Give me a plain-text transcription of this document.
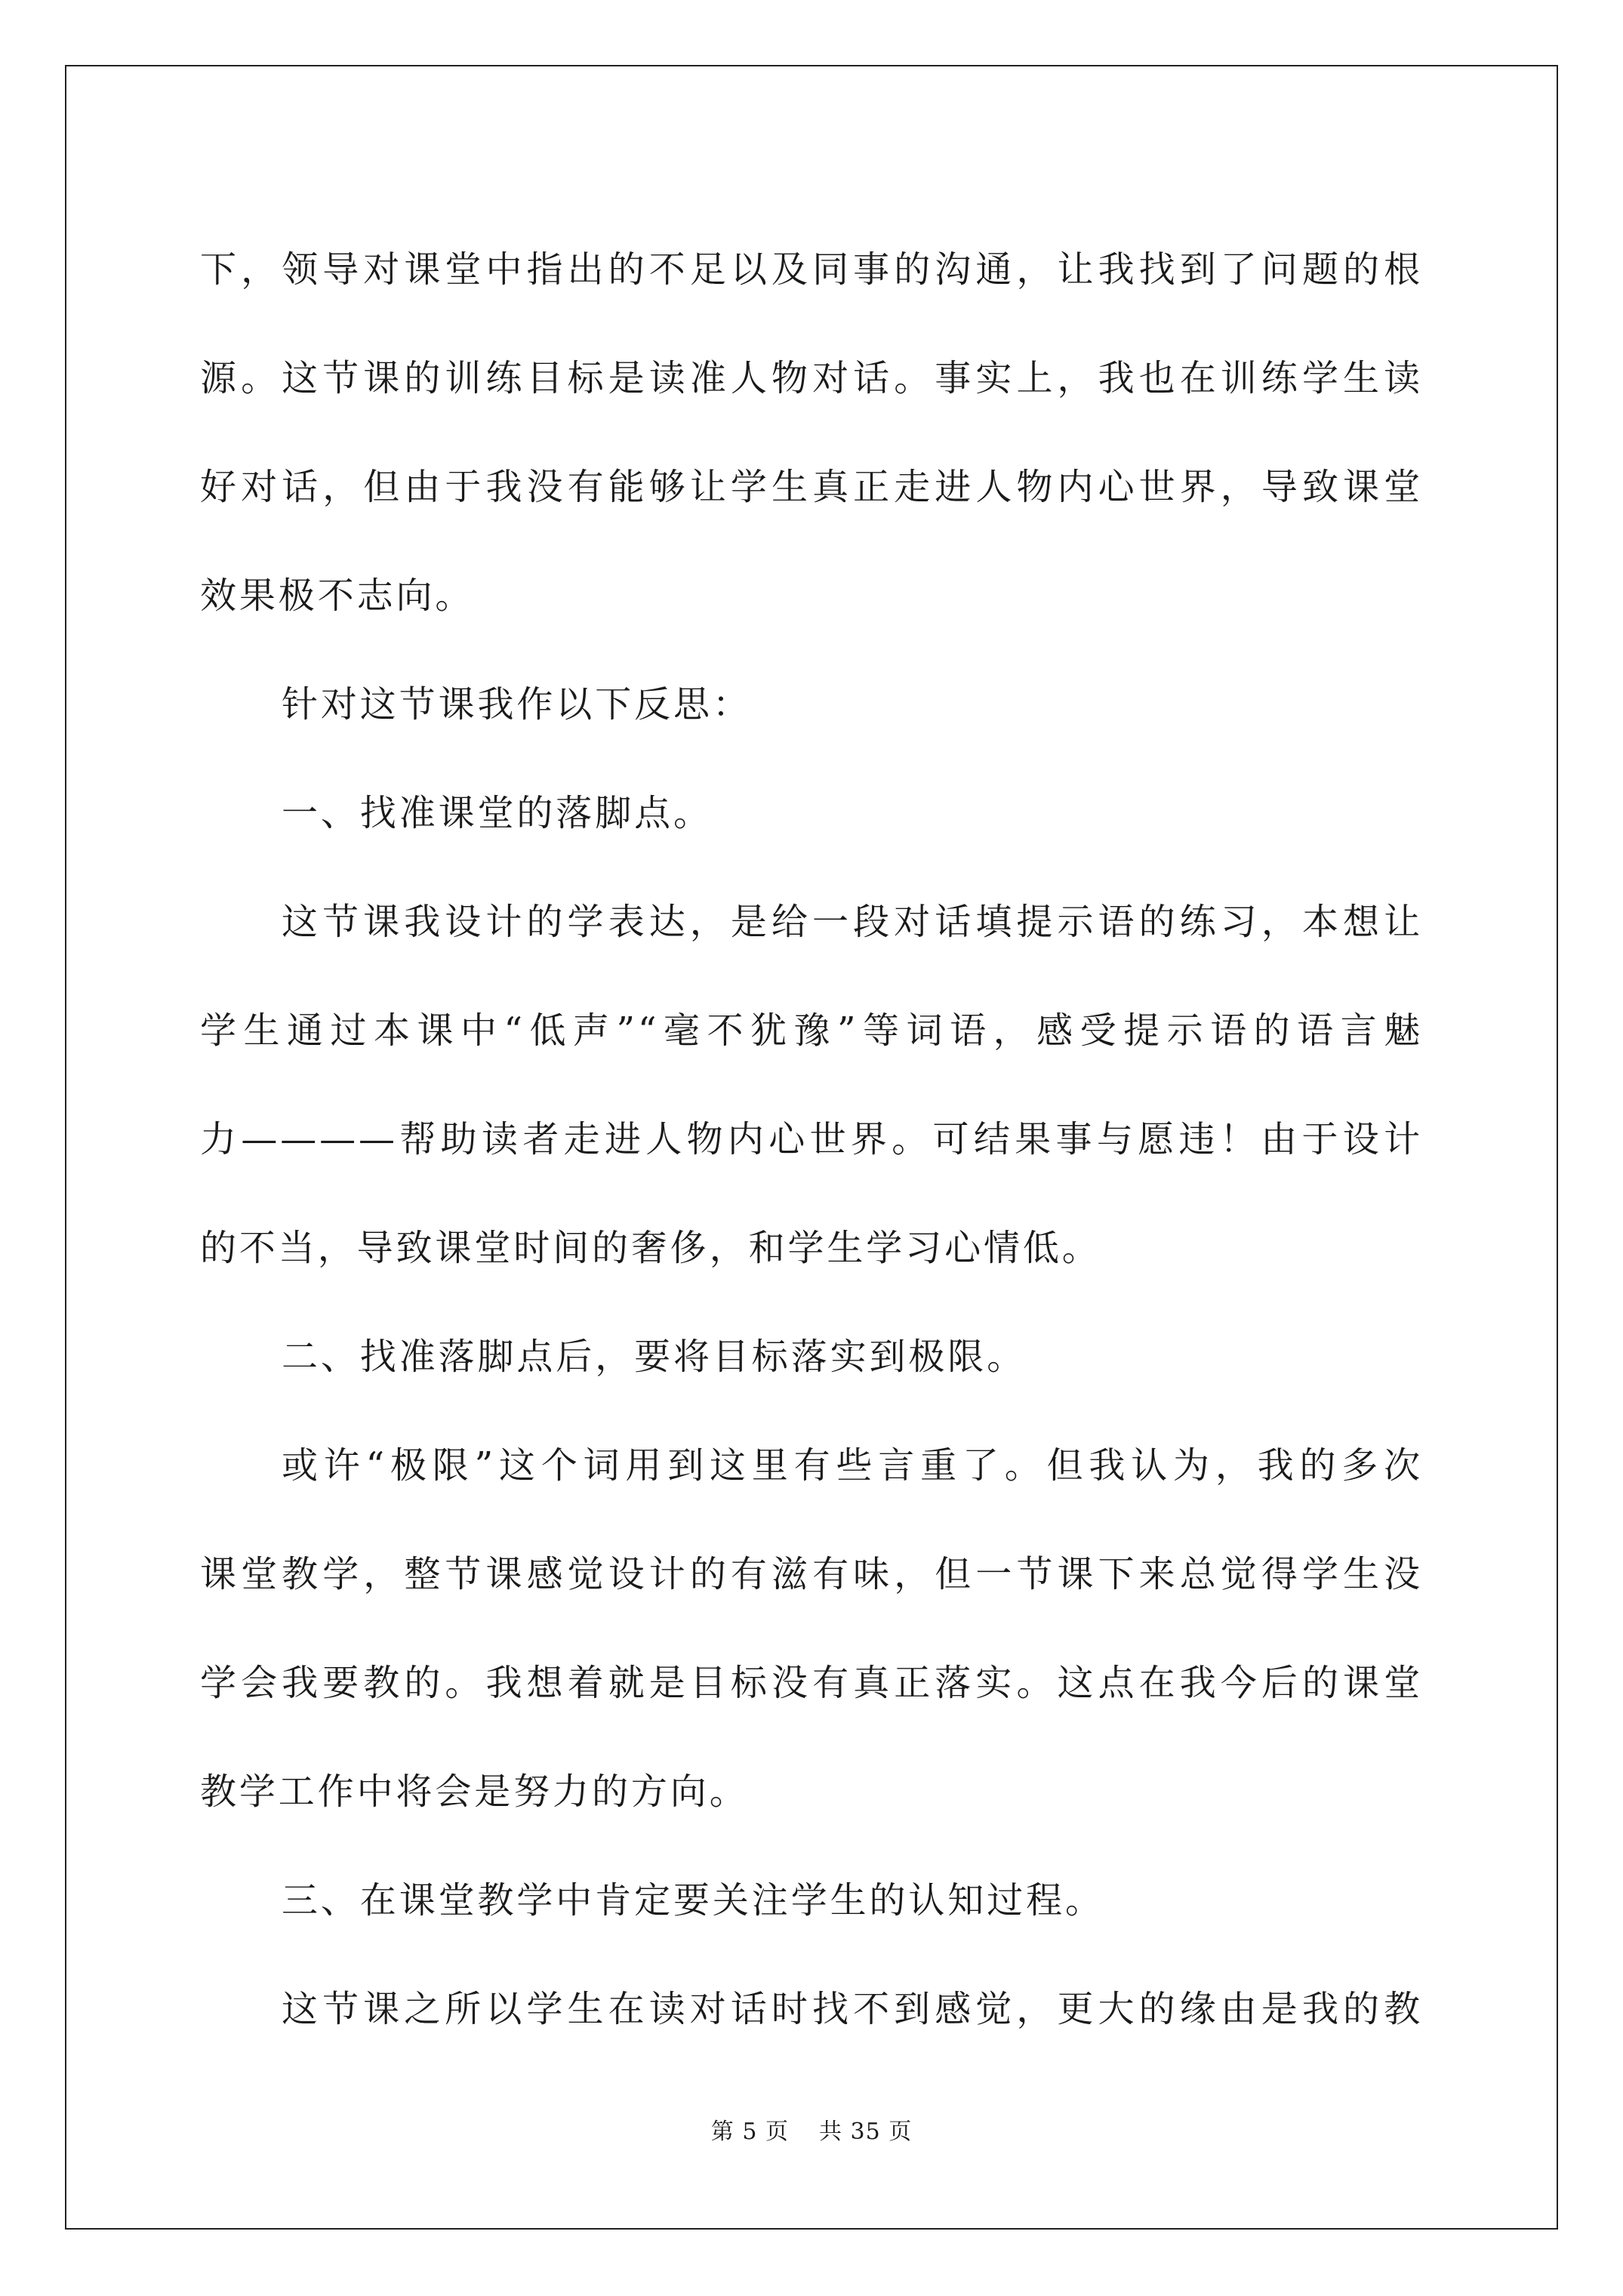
下，领导对课堂中指出的不足以及同事的沟通，让我找到了问题的根

源。这节课的训练目标是读准人物对话。事实上，我也在训练学生读

好对话，但由于我没有能够让学生真正走进人物内心世界，导致课堂

效果极不志向。

针对这节课我作以下反思：

一、找准课堂的落脚点。

这节课我设计的学表达，是给一段对话填提示语的练习，本想让

学生通过本课中“低声”“毫不犹豫”等词语，感受提示语的语言魅

力————帮助读者走进人物内心世界。可结果事与愿违！由于设计

的不当，导致课堂时间的奢侈，和学生学习心情低。

二、找准落脚点后，要将目标落实到极限。

或许“极限”这个词用到这里有些言重了。但我认为，我的多次

课堂教学，整节课感觉设计的有滋有味，但一节课下来总觉得学生没

学会我要教的。我想着就是目标没有真正落实。这点在我今后的课堂

教学工作中将会是努力的方向。

三、在课堂教学中肯定要关注学生的认知过程。

这节课之所以学生在读对话时找不到感觉，更大的缘由是我的教

第 5 页 共 35 页
